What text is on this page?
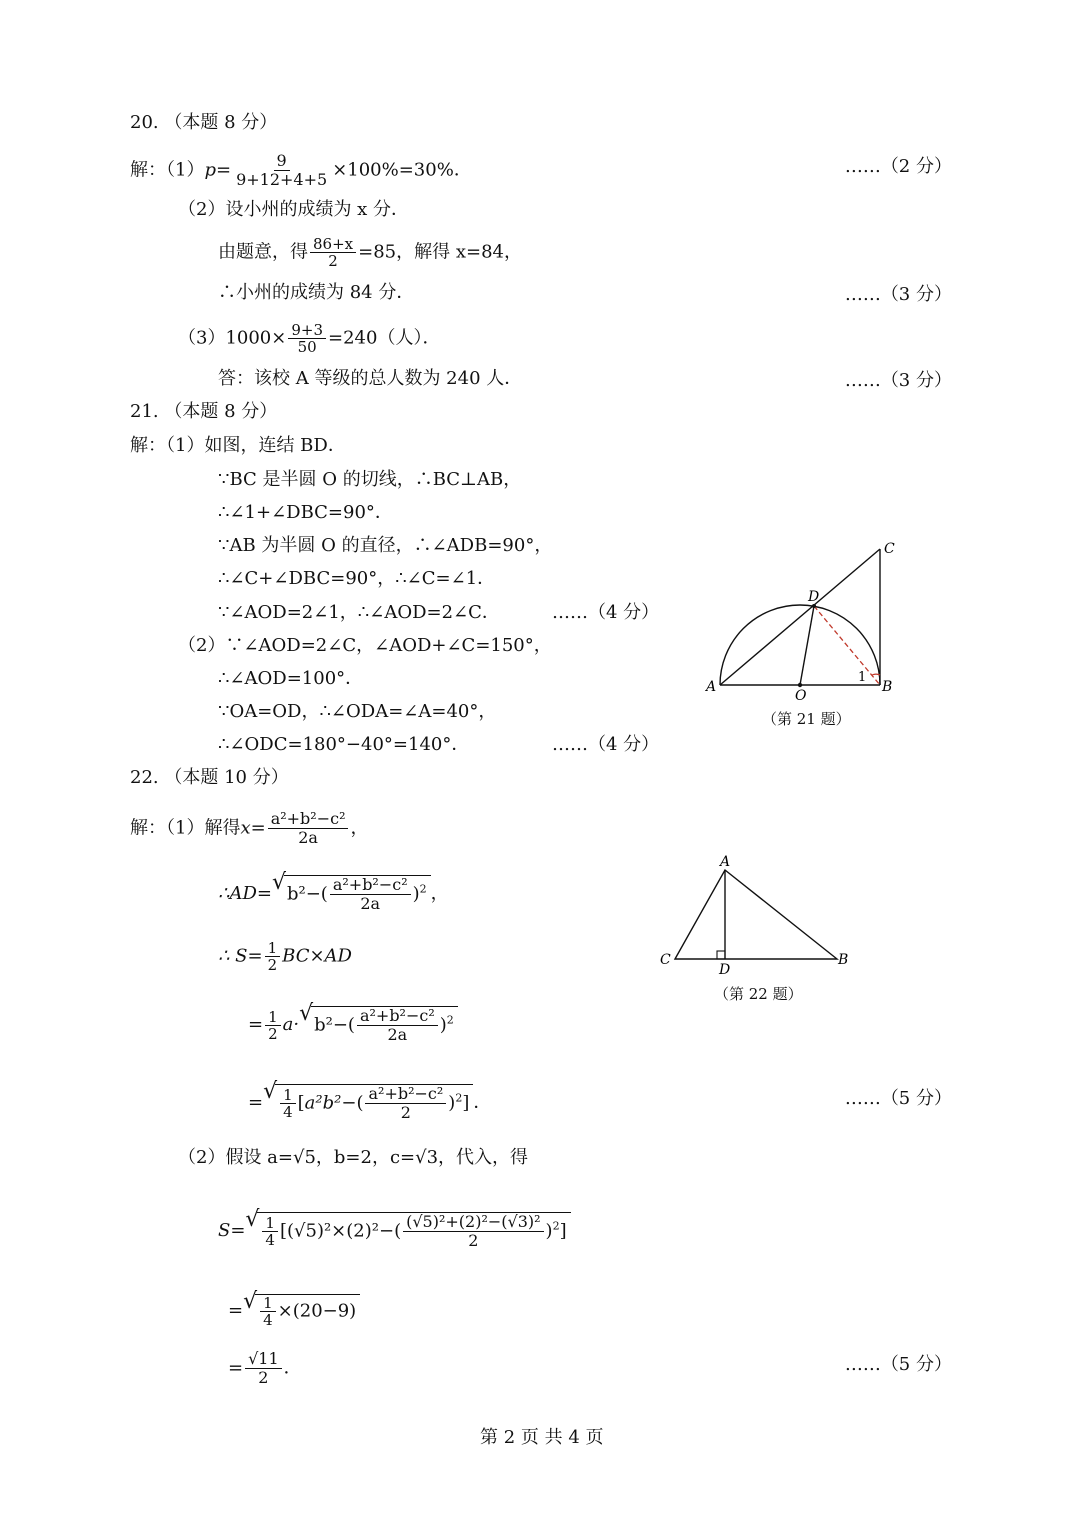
20. （本题 8 分）
解：$(1)p= \frac{9}{9+12+4+5} \times 100\%=30\%$．	……（2 分）
（2）设小州的成绩为 x 分．
由题意，得 $\frac{86+x}{2} =85$，解得 x=84，
∴小州的成绩为 84 分．	……（3 分）
$(3)1000\times \frac{9+3}{50} =240$（人）．
答：该校 A 等级的总人数为 240 人．	……（3 分）
21. （本题 8 分）
解：（1）如图，连结 BD．
∵BC 是半圆 O 的切线，∴BC⊥AB，
∴∠1+∠DBC=90°．
∵AB 为半圆 O 的直径，∴∠ADB=90°，
∴∠C+∠DBC=90°，∴∠C=∠1．
∵∠AOD=2∠1，∴∠AOD=2∠C．	……（4 分）
（2）∵∠AOD=2∠C，∠AOD+∠C=150°，
∴∠AOD=100°．
∵OA=OD，∴∠ODA=∠A=40°，
∴∠ODC=180°−40°=140°．	……（4 分）
A	B
C
D
O
1
（第 21 题）
22. （本题 10 分）
解：（1）解得$x= \frac{\text{a²+b²−c²}}{2a}$ ，
∴AD=√ $b^2-( \frac{\text{a²+b²−c²}}{2a} )^2$ ，
∴ $S= \frac{1}{2} BC\times AD$
= $\frac{1}{2} a\cdot√$ $b^2-( \frac{\text{a²+b²−c²}}{2a} )^2$
=
√ $\frac{1}{4} [a^2b^2-( \frac{\text{a²+b²−c²}}{2} )^2]$ ．	……（5 分）
（2）假设 a=√5，b=2，c=√3，代入，得
S=
√ $\frac{1}{4} [(√5)^2\times(2)^2-( \frac{\text{(√5)²+(2)²−(√3)²}}{2} )^2]$
=
√ $\frac{1}{4} \times(20-9)$
= $\frac{√11}{2}$ ．	……（5 分）
A
B
C
D
（第 22 题）
第 2 页 共 4 页
